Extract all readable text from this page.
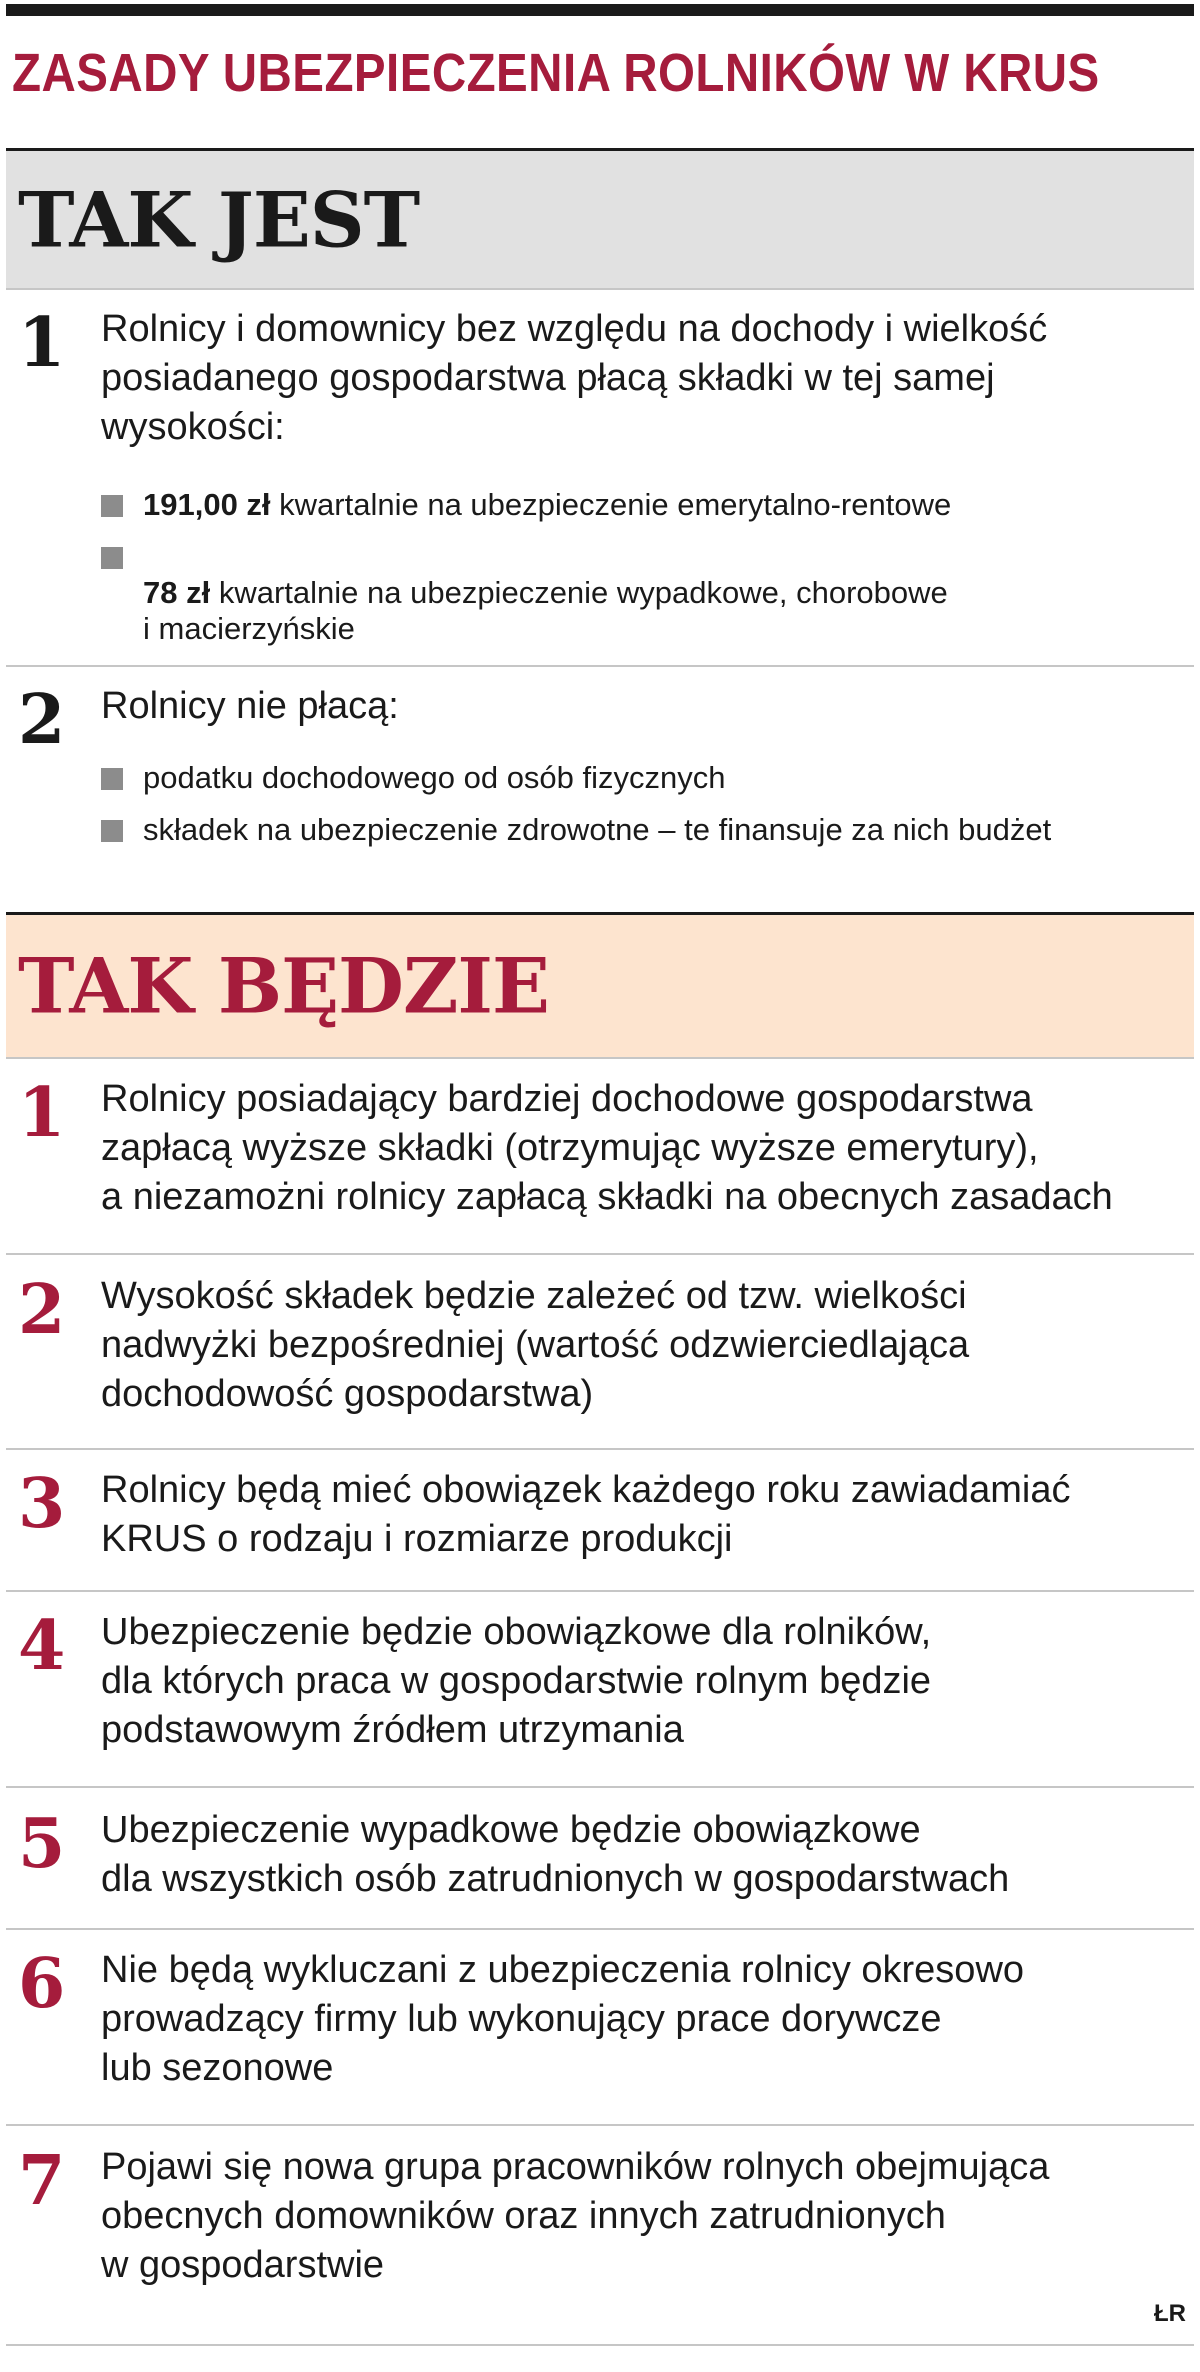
ZASADY UBEZPIECZENIA ROLNIKÓW W KRUS
TAK JEST
1 Rolnicy i domownicy bez względu na dochody i wielkość
posiadanego gospodarstwa płacą składki w tej samej
wysokości:
191,00 zł kwartalnie na ubezpieczenie emerytalno-rentowe

78 zł kwartalnie na ubezpieczenie wypadkowe, chorobowe
i macierzyńskie

2 Rolnicy nie płacą:
podatku dochodowego od osób fizycznych
składek na ubezpieczenie zdrowotne – te finansuje za nich budżet
TAK BĘDZIE
1 Rolnicy posiadający bardziej dochodowe gospodarstwa
zapłacą wyższe składki (otrzymując wyższe emerytury),
a niezamożni rolnicy zapłacą składki na obecnych zasadach
2 Wysokość składek będzie zależeć od tzw. wielkości
nadwyżki bezpośredniej (wartość odzwierciedlająca
dochodowość gospodarstwa)
3 Rolnicy będą mieć obowiązek każdego roku zawiadamiać
KRUS o rodzaju i rozmiarze produkcji
4 Ubezpieczenie będzie obowiązkowe dla rolników,
dla których praca w gospodarstwie rolnym będzie
podstawowym źródłem utrzymania
5 Ubezpieczenie wypadkowe będzie obowiązkowe
dla wszystkich osób zatrudnionych w gospodarstwach
6 Nie będą wykluczani z ubezpieczenia rolnicy okresowo
prowadzący firmy lub wykonujący prace dorywcze
lub sezonowe
7 Pojawi się nowa grupa pracowników rolnych obejmująca
obecnych domowników oraz innych zatrudnionych
w gospodarstwie
ŁR
